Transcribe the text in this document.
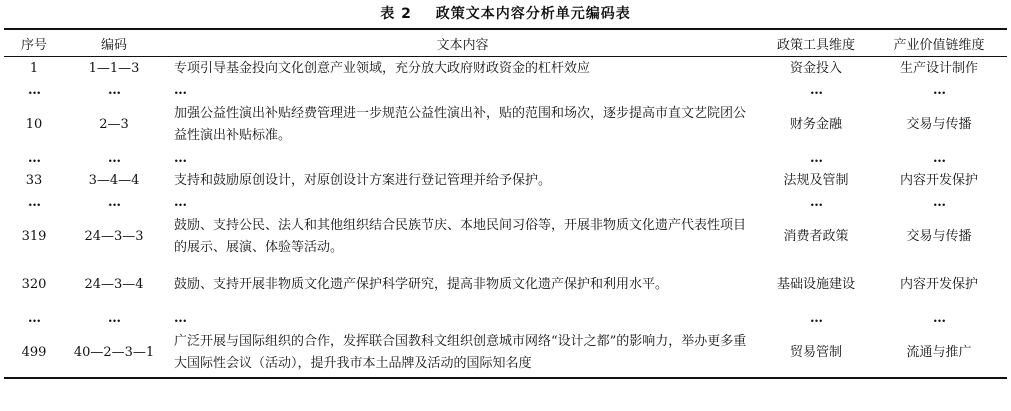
表 2 政策文本内容分析单元编码表
序号	编码	文本内容	政策工具维度	产业价值链维度
1	1—1—3	专项引导基金投向文化创意产业领域，充分放大政府财政资金的杠杆效应	资金投入	生产设计制作
…	…	…	…	…
10	2—3	加强公益性演出补贴经费管理进一步规范公益性演出补，贴的范围和场次，逐步提高市直文艺院团公益性演出补贴标准。	财务金融	交易与传播
…	…	…	…	…
33	3—4—4	支持和鼓励原创设计，对原创设计方案进行登记管理并给予保护。	法规及管制	内容开发保护
…	…	…	…	…
319	24—3—3	鼓励、支持公民、法人和其他组织结合民族节庆、本地民间习俗等，开展非物质文化遗产代表性项目的展示、展演、体验等活动。	消费者政策	交易与传播
320	24—3—4	鼓励、支持开展非物质文化遗产保护科学研究，提高非物质文化遗产保护和利用水平。	基础设施建设	内容开发保护
…	…	…	…	…
499	40—2—3—1	广泛开展与国际组织的合作，发挥联合国教科文组织创意城市网络“设计之都”的影响力，举办更多重大国际性会议（活动），提升我市本土品牌及活动的国际知名度	贸易管制	流通与推广
